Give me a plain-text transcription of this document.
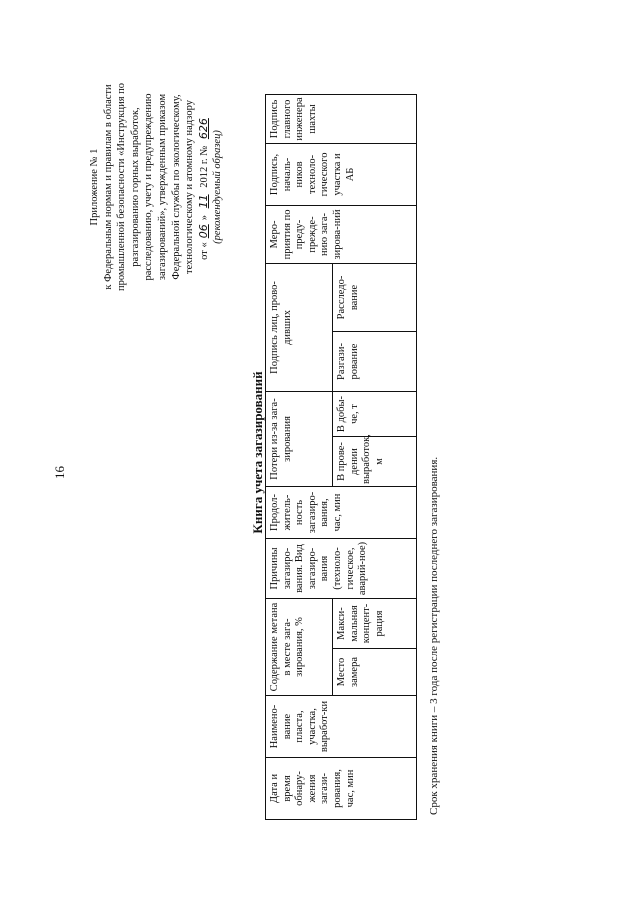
16
Приложение № 1 к Федеральным нормам и правилам в области промышленной безопасности «Инструкция по разгазированию горных выработок, расследованию, учету и предупреждению загазирований», утвержденным приказом Федеральной службы по экологическому, технологическому и атомному надзору от «06» 11 2012 г. № 626
(рекомендуемый образец)
Книга учета загазирований
Дата и время обнару-жения загази-рования, час, мин	Наимено-вание пласта, участка, выработ-ки	Содержание метана в месте зага-зирования, %		Причины загазиро-вания. Вид загазиро-вания (техноло-гическое, аварий-ное)	Продол-житель-ность загазиро-вания, час, мин	Потери из-за зага-зирования		Подпись лиц, прово-дивших		Меро-приятия по преду-прежде-нию зага-зирова-ний	Подпись, началь-ников техноло-гического участка и АБ	Подпись главного инженера шахты
		Место замера	Макси-мальная концент-рация			В прове-дении выработок, м	В добы-че, т	Разгази-рование	Расследо-вание			
Срок хранения книги – 3 года после регистрации последнего загазирования.
